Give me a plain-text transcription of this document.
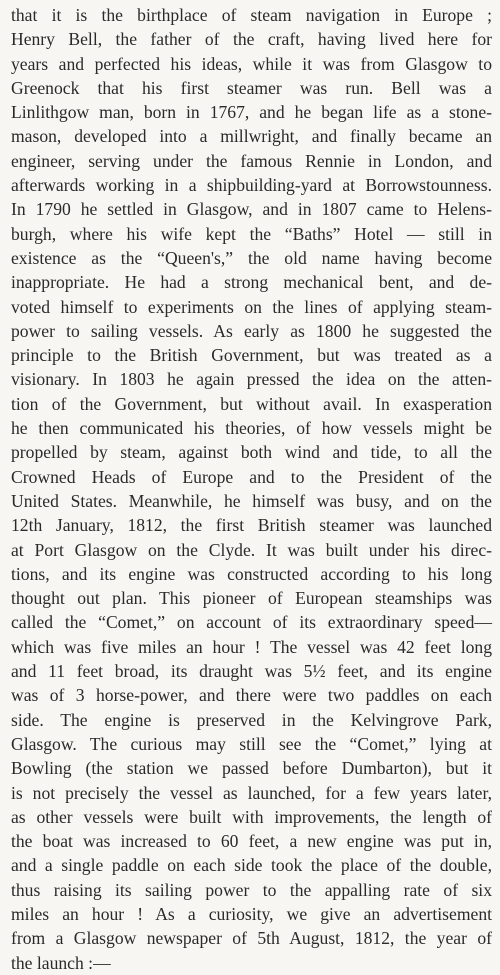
that it is the birthplace of steam navigation in Europe ;
Henry Bell, the father of the craft, having lived here for
years and perfected his ideas, while it was from Glasgow to
Greenock that his first steamer was run. Bell was a
Linlithgow man, born in 1767, and he began life as a stone-
mason, developed into a millwright, and finally became an
engineer, serving under the famous Rennie in London, and
afterwards working in a shipbuilding-yard at Borrowstounness.
In 1790 he settled in Glasgow, and in 1807 came to Helens-
burgh, where his wife kept the “Baths” Hotel — still in
existence as the “Queen's,” the old name having become
inappropriate. He had a strong mechanical bent, and de-
voted himself to experiments on the lines of applying steam-
power to sailing vessels. As early as 1800 he suggested the
principle to the British Government, but was treated as a
visionary. In 1803 he again pressed the idea on the atten-
tion of the Government, but without avail. In exasperation
he then communicated his theories, of how vessels might be
propelled by steam, against both wind and tide, to all the
Crowned Heads of Europe and to the President of the
United States. Meanwhile, he himself was busy, and on the
12th January, 1812, the first British steamer was launched
at Port Glasgow on the Clyde. It was built under his direc-
tions, and its engine was constructed according to his long
thought out plan. This pioneer of European steamships was
called the “Comet,” on account of its extraordinary speed—
which was five miles an hour ! The vessel was 42 feet long
and 11 feet broad, its draught was 5½ feet, and its engine
was of 3 horse-power, and there were two paddles on each
side. The engine is preserved in the Kelvingrove Park,
Glasgow. The curious may still see the “Comet,” lying at
Bowling (the station we passed before Dumbarton), but it
is not precisely the vessel as launched, for a few years later,
as other vessels were built with improvements, the length of
the boat was increased to 60 feet, a new engine was put in,
and a single paddle on each side took the place of the double,
thus raising its sailing power to the appalling rate of six
miles an hour ! As a curiosity, we give an advertisement
from a Glasgow newspaper of 5th August, 1812, the year of
the launch :—
